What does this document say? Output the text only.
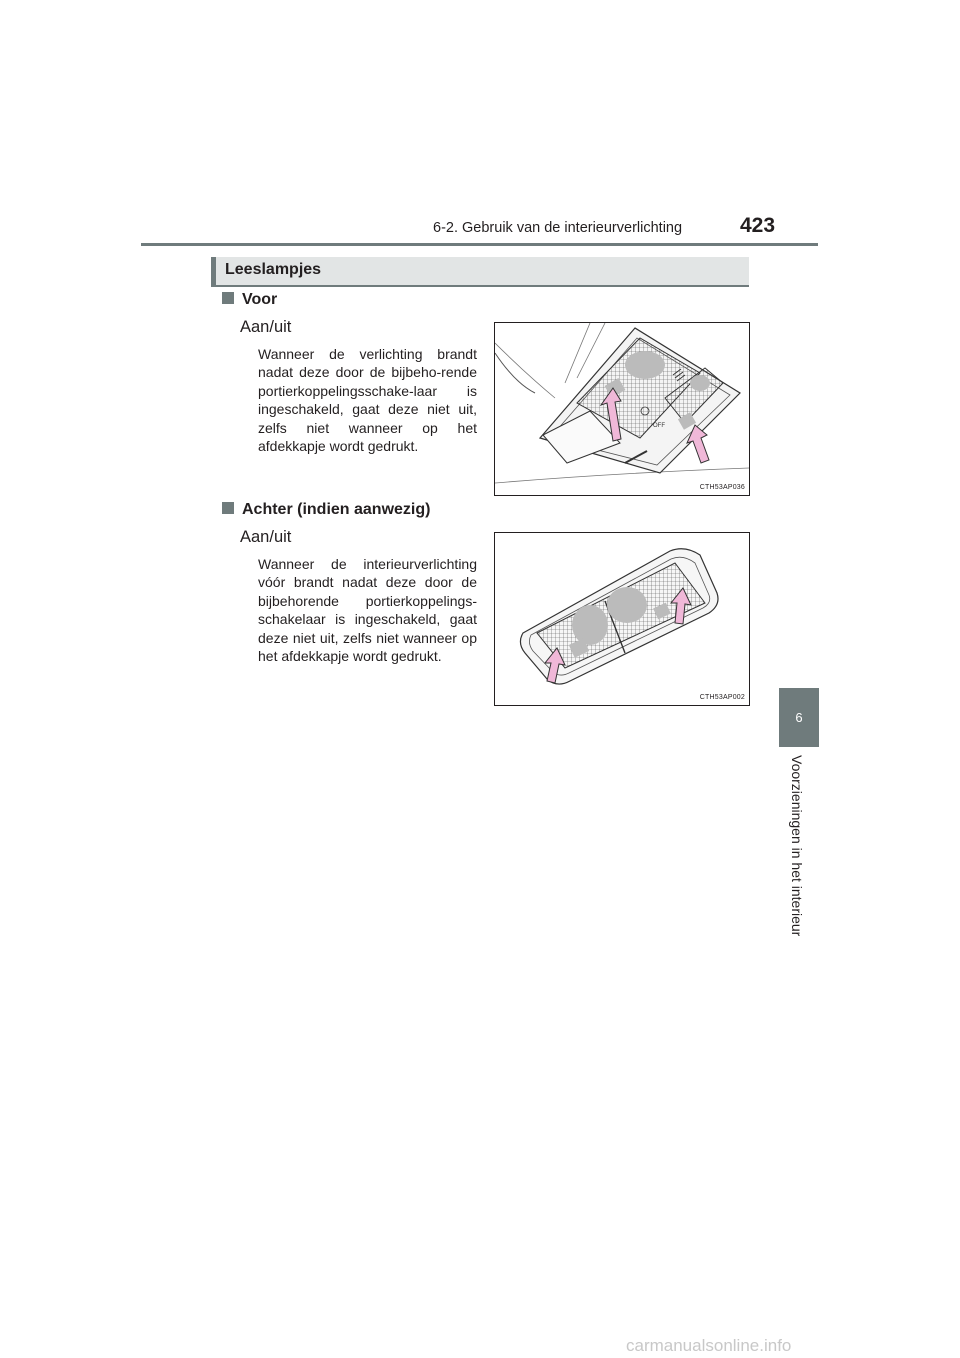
6-2. Gebruik van de interieurverlichting	423
6
Voorzieningen in het interieur
Leeslampjes
Voor
Aan/uit
Wanneer de verlichting brandt nadat deze door de bijbeho-rende portierkoppelingsschake-laar is ingeschakeld, gaat deze niet uit, zelfs niet wanneer op het afdekkapje wordt gedrukt.
OFF
CTH53AP036
Achter (indien aanwezig)
Aan/uit
Wanneer de interieurverlichting vóór brandt nadat deze door de bijbehorende portierkoppelings-schakelaar is ingeschakeld, gaat deze niet uit, zelfs niet wanneer op het afdekkapje wordt gedrukt.
CTH53AP002
carmanualsonline.info
